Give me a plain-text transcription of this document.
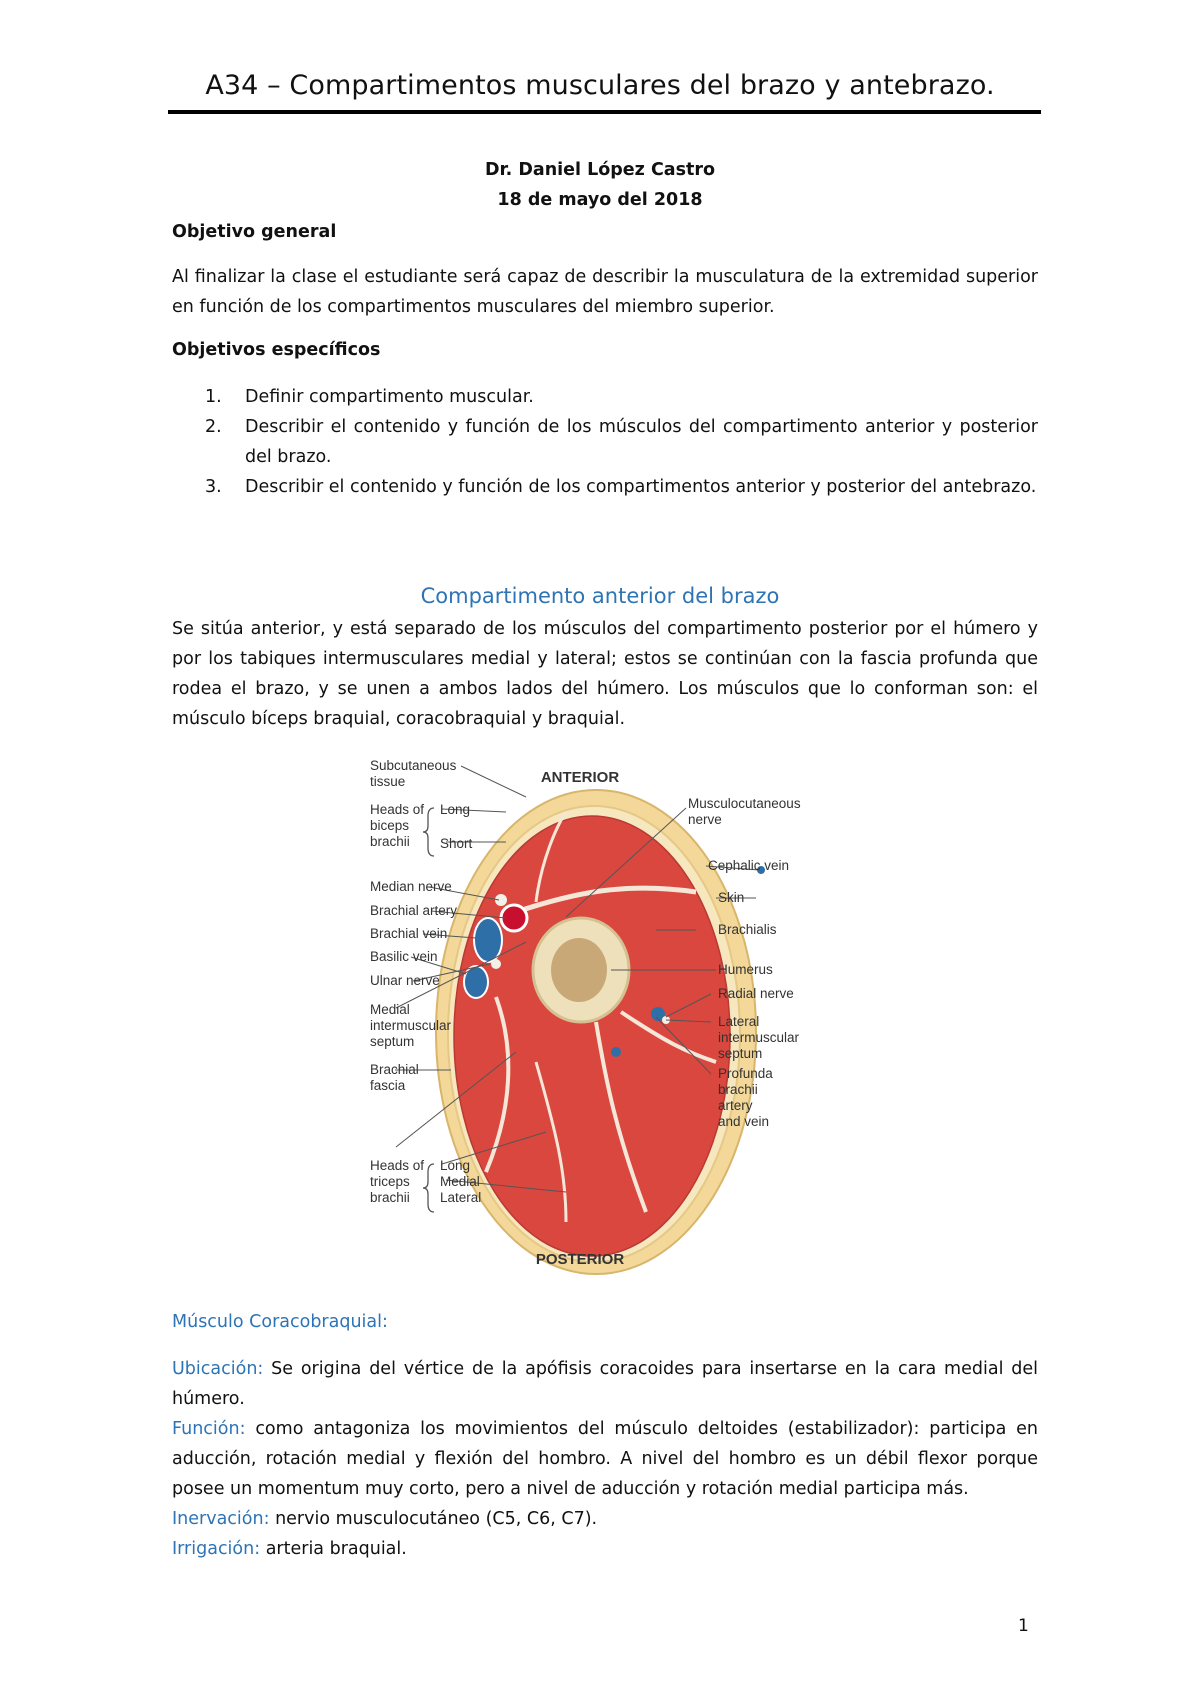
A34 – Compartimentos musculares del brazo y antebrazo.
Dr. Daniel López Castro
18 de mayo del 2018
Objetivo general
Al finalizar la clase el estudiante será capaz de describir la musculatura de la extremidad superior en función de los compartimentos musculares del miembro superior.
Objetivos específicos
1. Definir compartimento muscular.
2. Describir el contenido y función de los músculos del compartimento anterior y posterior del brazo.
3. Describir el contenido y función de los compartimentos anterior y posterior del antebrazo.
Compartimento anterior del brazo
Se sitúa anterior, y está separado de los músculos del compartimento posterior por el húmero y por los tabiques intermusculares medial y lateral; estos se continúan con la fascia profunda que rodea el brazo, y se unen a ambos lados del húmero. Los músculos que lo conforman son: el músculo bíceps braquial, coracobraquial y braquial.
ANTERIOR
POSTERIOR
Subcutaneous
tissue
Heads of
biceps
brachii
Long
Short
Median nerve
Brachial artery
Brachial vein
Basilic vein
Ulnar nerve
Medial
intermuscular
septum
Brachial
fascia
Heads of
triceps
brachii
Long
Medial
Lateral
Musculocutaneous
nerve
Cephalic vein
Skin
Brachialis
Humerus
Radial nerve
Lateral
intermuscular
septum
Profunda
brachii
artery
and vein
Músculo Coracobraquial:
Ubicación: Se origina del vértice de la apófisis coracoides para insertarse en la cara medial del húmero.
Función: como antagoniza los movimientos del músculo deltoides (estabilizador): participa en aducción, rotación medial y flexión del hombro. A nivel del hombro es un débil flexor porque posee un momentum muy corto, pero a nivel de aducción y rotación medial participa más.
Inervación: nervio musculocutáneo (C5, C6, C7).
Irrigación: arteria braquial.
1
